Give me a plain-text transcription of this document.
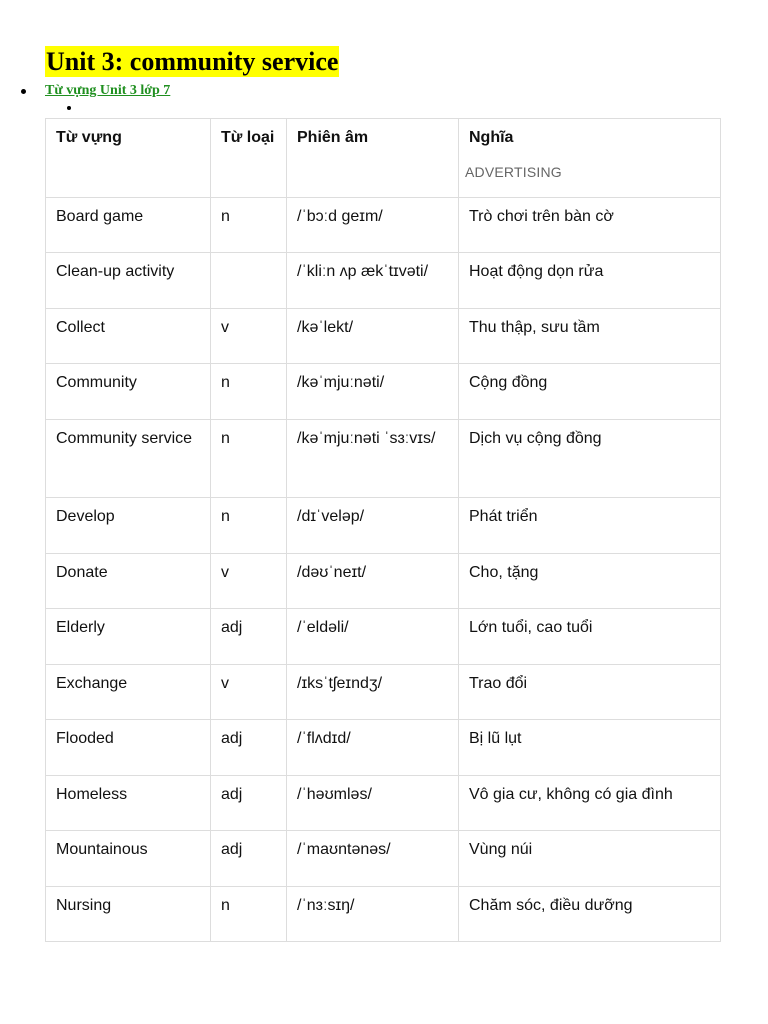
Unit 3: community service
Từ vựng Unit 3 lớp 7
Từ vựng	Từ loại	Phiên âm	Nghĩa
ADVERTISING

Board game	n	/ˈbɔːd ɡeɪm/	Trò chơi trên bàn cờ
Clean-up activity		/ˈkliːn ʌp ækˈtɪvəti/	Hoạt động dọn rửa
Collect	v	/kəˈlekt/	Thu thập, sưu tầm
Community	n	/kəˈmjuːnəti/	Cộng đồng
Community service	n	/kəˈmjuːnəti ˈsɜːvɪs/	Dịch vụ cộng đồng
Develop	n	/dɪˈveləp/	Phát triển
Donate	v	/dəʊˈneɪt/	Cho, tặng
Elderly	adj	/ˈeldəli/	Lớn tuổi, cao tuổi
Exchange	v	/ɪksˈtʃeɪndʒ/	Trao đổi
Flooded	adj	/ˈflʌdɪd/	Bị lũ lụt
Homeless	adj	/ˈhəʊmləs/	Vô gia cư, không có gia đình
Mountainous	adj	/ˈmaʊntənəs/	Vùng núi
Nursing	n	/ˈnɜːsɪŋ/	Chăm sóc, điều dưỡng
